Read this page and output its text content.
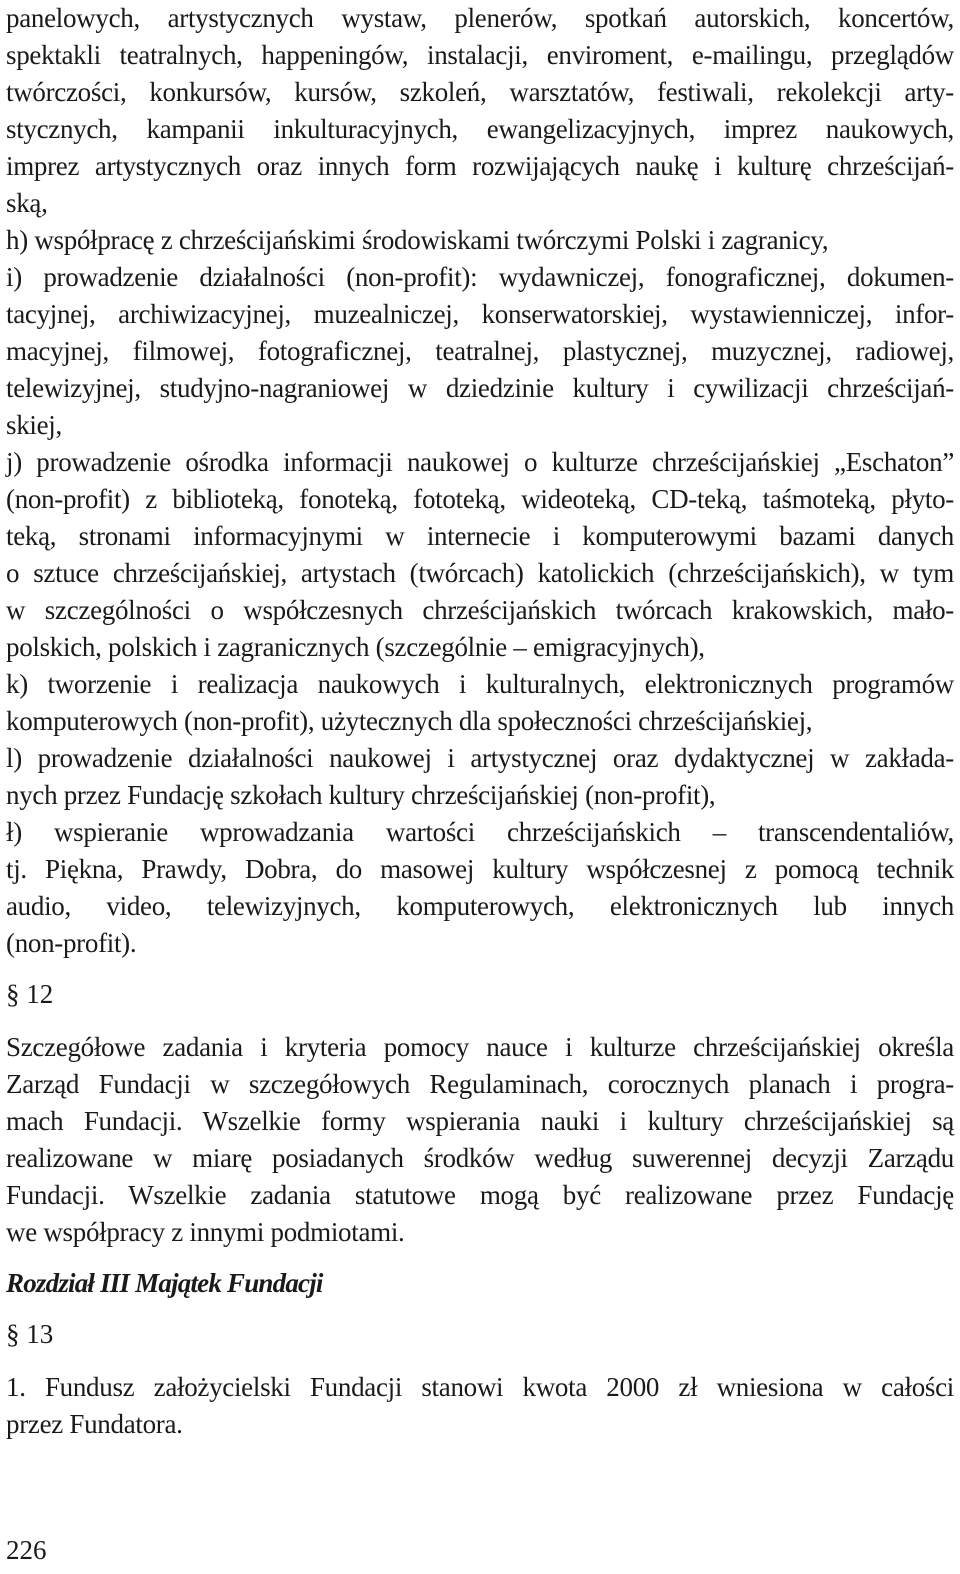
panelowych, artystycznych wystaw, plenerów, spotkań autorskich, koncertów,
spektakli teatralnych, happeningów, instalacji, enviroment, e-mailingu, przeglądów
twórczości, konkursów, kursów, szkoleń, warsztatów, festiwali, rekolekcji arty-
stycznych, kampanii inkulturacyjnych, ewangelizacyjnych, imprez naukowych,
imprez artystycznych oraz innych form rozwijających naukę i kulturę chrześcijań-
ską,
h) współpracę z chrześcijańskimi środowiskami twórczymi Polski i zagranicy,
i) prowadzenie działalności (non-profit): wydawniczej, fonograficznej, dokumen-
tacyjnej, archiwizacyjnej, muzealniczej, konserwatorskiej, wystawienniczej, infor-
macyjnej, filmowej, fotograficznej, teatralnej, plastycznej, muzycznej, radiowej,
telewizyjnej, studyjno-nagraniowej w dziedzinie kultury i cywilizacji chrześcijań-
skiej,
j) prowadzenie ośrodka informacji naukowej o kulturze chrześcijańskiej „Eschaton”
(non-profit) z biblioteką, fonoteką, fototeką, wideoteką, CD-teką, taśmoteką, płyto-
teką, stronami informacyjnymi w internecie i komputerowymi bazami danych
o sztuce chrześcijańskiej, artystach (twórcach) katolickich (chrześcijańskich), w tym
w szczególności o współczesnych chrześcijańskich twórcach krakowskich, mało-
polskich, polskich i zagranicznych (szczególnie – emigracyjnych),
k) tworzenie i realizacja naukowych i kulturalnych, elektronicznych programów
komputerowych (non-profit), użytecznych dla społeczności chrześcijańskiej,
l) prowadzenie działalności naukowej i artystycznej oraz dydaktycznej w zakłada-
nych przez Fundację szkołach kultury chrześcijańskiej (non-profit),
ł) wspieranie wprowadzania wartości chrześcijańskich – transcendentaliów,
tj. Piękna, Prawdy, Dobra, do masowej kultury współczesnej z pomocą technik
audio, video, telewizyjnych, komputerowych, elektronicznych lub innych
(non-profit).
§ 12
Szczegółowe zadania i kryteria pomocy nauce i kulturze chrześcijańskiej określa
Zarząd Fundacji w szczegółowych Regulaminach, corocznych planach i progra-
mach Fundacji. Wszelkie formy wspierania nauki i kultury chrześcijańskiej są
realizowane w miarę posiadanych środków według suwerennej decyzji Zarządu
Fundacji. Wszelkie zadania statutowe mogą być realizowane przez Fundację
we współpracy z innymi podmiotami.
Rozdział III Majątek Fundacji
§ 13
1. Fundusz założycielski Fundacji stanowi kwota 2000 zł wniesiona w całości
przez Fundatora.
226
